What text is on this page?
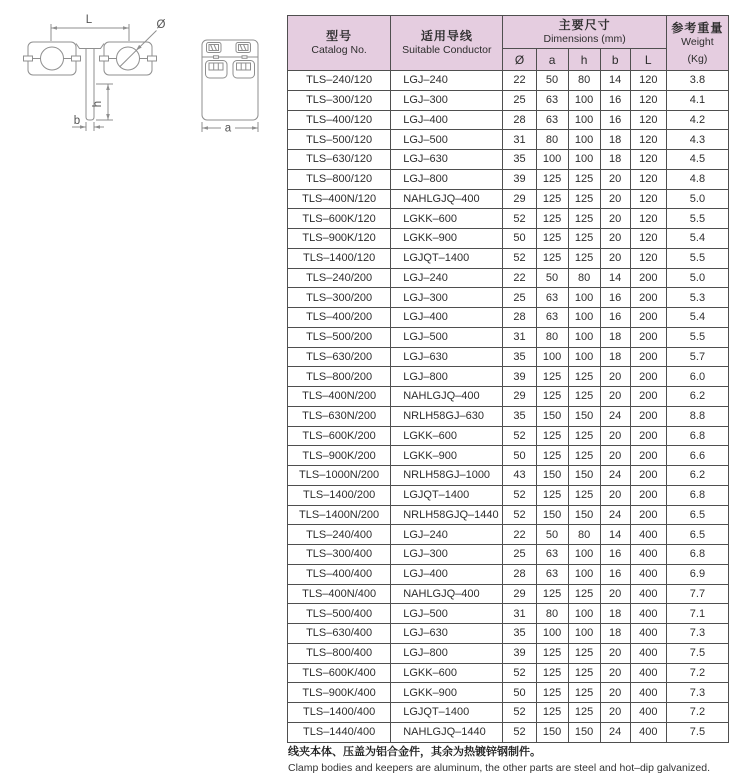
L	Ø
h
b
a
型号
Catalog No.	适用导线
Suitable Conductor	主要尺寸
Dimensions (mm)					参考重量
Weight
(Kg)

		Ø	a	h	b	L	
TLS–240/120	LGJ–240	22	50	80	14	120	3.8
TLS–300/120	LGJ–300	25	63	100	16	120	4.1
TLS–400/120	LGJ–400	28	63	100	16	120	4.2
TLS–500/120	LGJ–500	31	80	100	18	120	4.3
TLS–630/120	LGJ–630	35	100	100	18	120	4.5
TLS–800/120	LGJ–800	39	125	125	20	120	4.8
TLS–400N/120	NAHLGJQ–400	29	125	125	20	120	5.0
TLS–600K/120	LGKK–600	52	125	125	20	120	5.5
TLS–900K/120	LGKK–900	50	125	125	20	120	5.4
TLS–1400/120	LGJQT–1400	52	125	125	20	120	5.5
TLS–240/200	LGJ–240	22	50	80	14	200	5.0
TLS–300/200	LGJ–300	25	63	100	16	200	5.3
TLS–400/200	LGJ–400	28	63	100	16	200	5.4
TLS–500/200	LGJ–500	31	80	100	18	200	5.5
TLS–630/200	LGJ–630	35	100	100	18	200	5.7
TLS–800/200	LGJ–800	39	125	125	20	200	6.0
TLS–400N/200	NAHLGJQ–400	29	125	125	20	200	6.2
TLS–630N/200	NRLH58GJ–630	35	150	150	24	200	8.8
TLS–600K/200	LGKK–600	52	125	125	20	200	6.8
TLS–900K/200	LGKK–900	50	125	125	20	200	6.6
TLS–1000N/200	NRLH58GJ–1000	43	150	150	24	200	6.2
TLS–1400/200	LGJQT–1400	52	125	125	20	200	6.8
TLS–1400N/200	NRLH58GJQ–1440	52	150	150	24	200	6.5
TLS–240/400	LGJ–240	22	50	80	14	400	6.5
TLS–300/400	LGJ–300	25	63	100	16	400	6.8
TLS–400/400	LGJ–400	28	63	100	16	400	6.9
TLS–400N/400	NAHLGJQ–400	29	125	125	20	400	7.7
TLS–500/400	LGJ–500	31	80	100	18	400	7.1
TLS–630/400	LGJ–630	35	100	100	18	400	7.3
TLS–800/400	LGJ–800	39	125	125	20	400	7.5
TLS–600K/400	LGKK–600	52	125	125	20	400	7.2
TLS–900K/400	LGKK–900	50	125	125	20	400	7.3
TLS–1400/400	LGJQT–1400	52	125	125	20	400	7.2
TLS–1440/400	NAHLGJQ–1440	52	150	150	24	400	7.5
线夹本体、压盖为铝合金件，其余为热镀锌钢制件。
Clamp bodies and keepers are aluminum, the other parts are steel and hot–dip galvanized.
